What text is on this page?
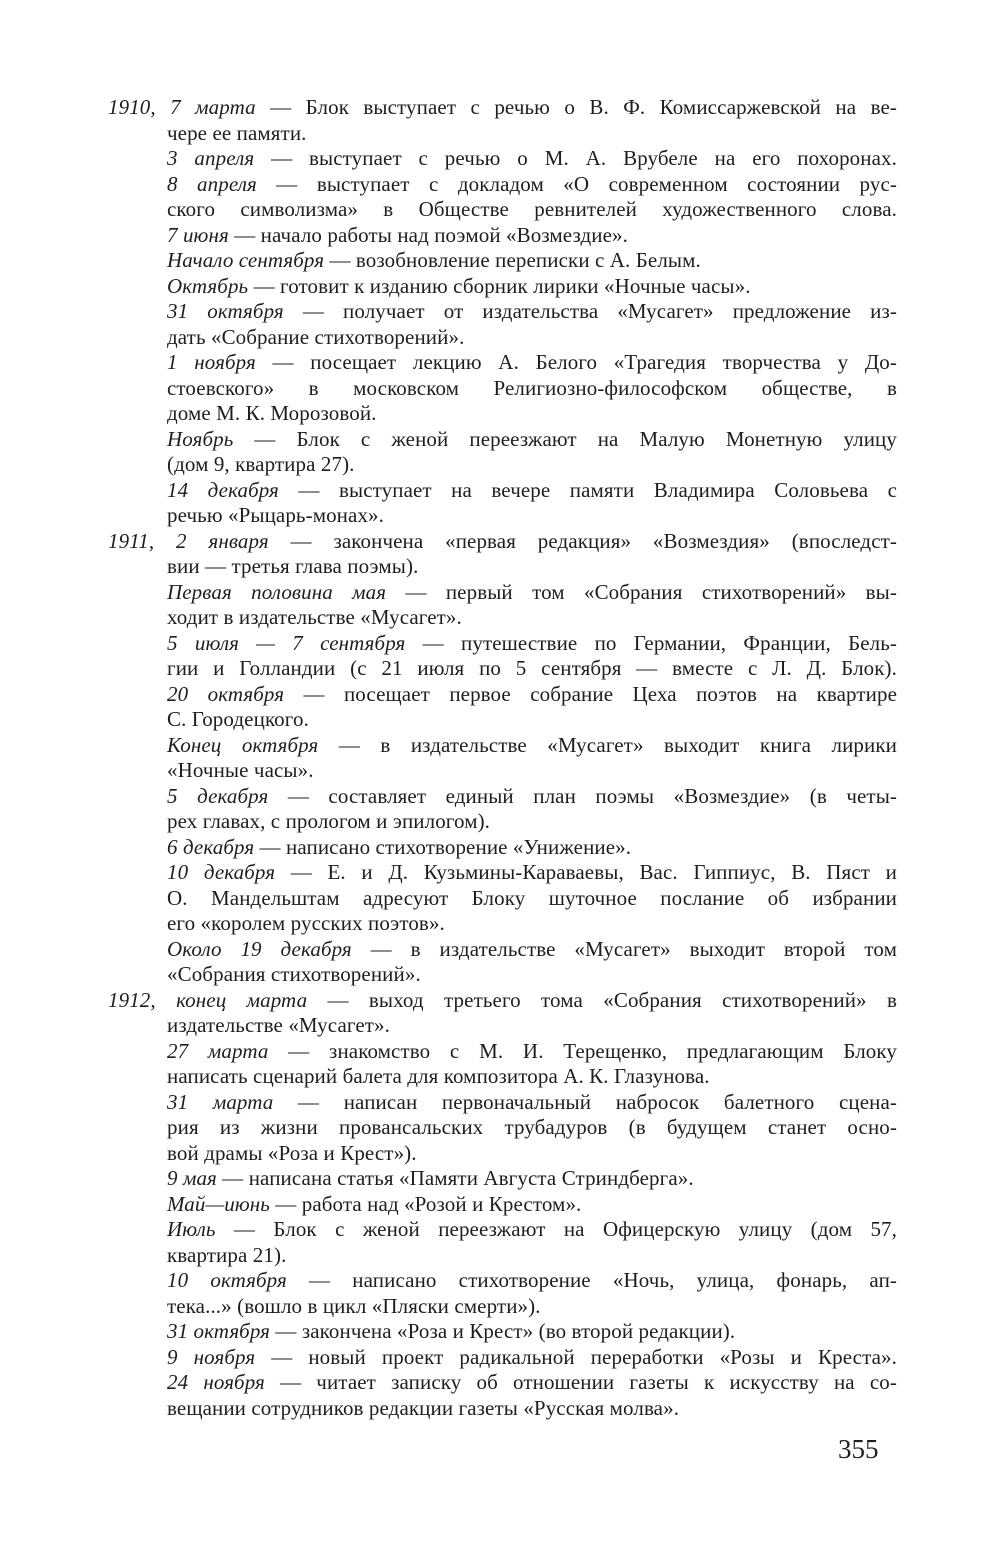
1910, 7 марта — Блок выступает с речью о В. Ф. Комиссаржевской на ве-
чере ее памяти.
3 апреля — выступает с речью о М. А. Врубеле на его похоронах.
8 апреля — выступает с докладом «О современном состоянии рус-
ского символизма» в Обществе ревнителей художественного слова.
7 июня — начало работы над поэмой «Возмездие».
Начало сентября — возобновление переписки с А. Белым.
Октябрь — готовит к изданию сборник лирики «Ночные часы».
31 октября — получает от издательства «Мусагет» предложение из-
дать «Собрание стихотворений».
1 ноября — посещает лекцию А. Белого «Трагедия творчества у До-
стоевского» в московском Религиозно-философском обществе, в
доме М. К. Морозовой.
Ноябрь — Блок с женой переезжают на Малую Монетную улицу
(дом 9, квартира 27).
14 декабря — выступает на вечере памяти Владимира Соловьева с
речью «Рыцарь-монах».
1911, 2 января — закончена «первая редакция» «Возмездия» (впоследст-
вии — третья глава поэмы).
Первая половина мая — первый том «Собрания стихотворений» вы-
ходит в издательстве «Мусагет».
5 июля — 7 сентября — путешествие по Германии, Франции, Бель-
гии и Голландии (с 21 июля по 5 сентября — вместе с Л. Д. Блок).
20 октября — посещает первое собрание Цеха поэтов на квартире
С. Городецкого.
Конец октября — в издательстве «Мусагет» выходит книга лирики
«Ночные часы».
5 декабря — составляет единый план поэмы «Возмездие» (в четы-
рех главах, с прологом и эпилогом).
6 декабря — написано стихотворение «Унижение».
10 декабря — Е. и Д. Кузьмины-Караваевы, Вас. Гиппиус, В. Пяст и
О. Мандельштам адресуют Блоку шуточное послание об избрании
его «королем русских поэтов».
Около 19 декабря — в издательстве «Мусагет» выходит второй том
«Собрания стихотворений».
1912, конец марта — выход третьего тома «Собрания стихотворений» в
издательстве «Мусагет».
27 марта — знакомство с М. И. Терещенко, предлагающим Блоку
написать сценарий балета для композитора А. К. Глазунова.
31 марта — написан первоначальный набросок балетного сцена-
рия из жизни провансальских трубадуров (в будущем станет осно-
вой драмы «Роза и Крест»).
9 мая — написана статья «Памяти Августа Стриндберга».
Май—июнь — работа над «Розой и Крестом».
Июль — Блок с женой переезжают на Офицерскую улицу (дом 57,
квартира 21).
10 октября — написано стихотворение «Ночь, улица, фонарь, ап-
тека...» (вошло в цикл «Пляски смерти»).
31 октября — закончена «Роза и Крест» (во второй редакции).
9 ноября — новый проект радикальной переработки «Розы и Креста».
24 ноября — читает записку об отношении газеты к искусству на со-
вещании сотрудников редакции газеты «Русская молва».
355
